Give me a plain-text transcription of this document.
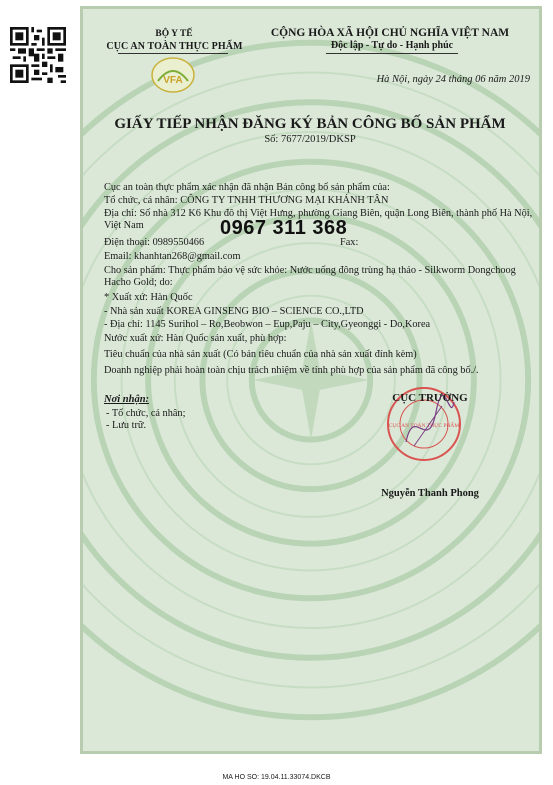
BỘ Y TẾ
CỤC AN TOÀN THỰC PHẨM
VFA
CỘNG HÒA XÃ HỘI CHỦ NGHĨA VIỆT NAM
Độc lập - Tự do - Hạnh phúc
Hà Nội, ngày 24 tháng 06 năm 2019
GIẤY TIẾP NHẬN ĐĂNG KÝ BẢN CÔNG BỐ SẢN PHẨM
Số: 7677/2019/DKSP
Cục an toàn thực phẩm xác nhận đã nhận Bản công bố sản phẩm của:
Tổ chức, cá nhân: CÔNG TY TNHH THƯƠNG MẠI KHÁNH TÂN
Địa chỉ: Số nhà 312 K6 Khu đô thị Việt Hưng, phường Giang Biên, quận Long Biên, thành phố Hà Nội, Việt Nam
Điện thoại: 0989550466	Fax:
Email: khanhtan268@gmail.com
Cho sản phẩm: Thực phẩm bảo vệ sức khỏe: Nước uống đông trùng hạ thảo - Silkworm Dongchoog Hacho Gold; do:
* Xuất xứ: Hàn Quốc
- Nhà sản xuất KOREA GINSENG BIO – SCIENCE CO.,LTD
- Địa chỉ: 1145 Surihol – Ro,Beobwon – Eup,Paju – City,Gyeonggi - Do,Korea
Nước xuất xứ: Hàn Quốc sản xuất, phù hợp:
Tiêu chuẩn của nhà sản xuất (Có bản tiêu chuẩn của nhà sản xuất đính kèm)
Doanh nghiệp phải hoàn toàn chịu trách nhiệm về tính phù hợp của sản phẩm đã công bố./.
0967 311 368
Nơi nhận:
- Tổ chức, cá nhân;
- Lưu trữ.	CỤC AN TOÀN THỰC PHẨM
CỤC TRƯỞNG
Nguyễn Thanh Phong
MA HO SO: 19.04.11.33074.DKCB
